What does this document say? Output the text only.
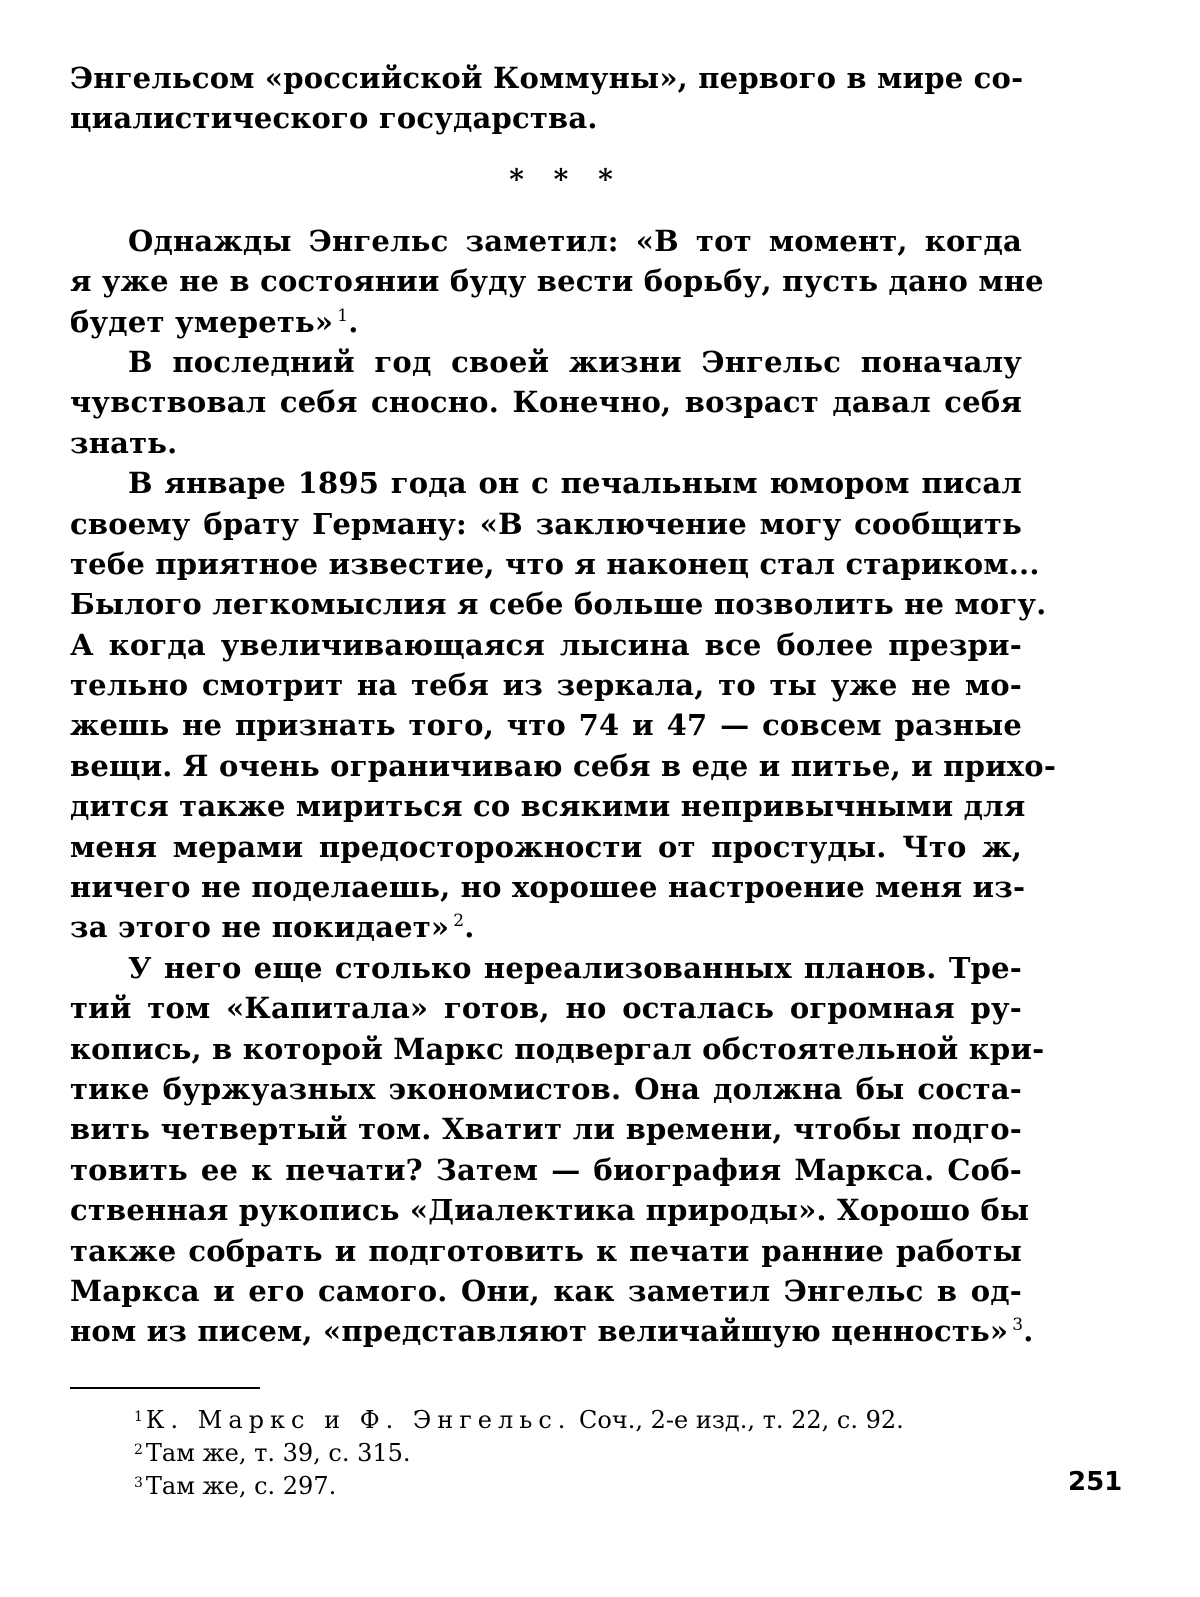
Энгельсом «российской Коммуны», первого в мире со-
циалистического государства.
* * *
Однажды Энгельс заметил: «В тот момент, когда
я уже не в состоянии буду вести борьбу, пусть дано мне
будет умереть» $^1$.
В последний год своей жизни Энгельс поначалу
чувствовал себя сносно. Конечно, возраст давал себя
знать.
В январе 1895 года он с печальным юмором писал
своему брату Герману: «В заключение могу сообщить
тебе приятное известие, что я наконец стал стариком...
Былого легкомыслия я себе больше позволить не могу.
А когда увеличивающаяся лысина все более презри-
тельно смотрит на тебя из зеркала, то ты уже не мо-
жешь не признать того, что 74 и 47 — совсем разные
вещи. Я очень ограничиваю себя в еде и питье, и прихо-
дится также мириться со всякими непривычными для
меня мерами предосторожности от простуды. Что ж,
ничего не поделаешь, но хорошее настроение меня из-
за этого не покидает» $^2$.
У него еще столько нереализованных планов. Тре-
тий том «Капитала» готов, но осталась огромная ру-
копись, в которой Маркс подвергал обстоятельной кри-
тике буржуазных экономистов. Она должна бы соста-
вить четвертый том. Хватит ли времени, чтобы подго-
товить ее к печати? Затем — биография Маркса. Соб-
ственная рукопись «Диалектика природы». Хорошо бы
также собрать и подготовить к печати ранние работы
Маркса и его самого. Они, как заметил Энгельс в од-
ном из писем, «представляют величайшую ценность» $^3$.
$^1$ К. Маркс и Ф. Энгельс. Соч., 2-е изд., т. 22, с. 92.
$^2$ Там же, т. 39, с. 315.
$^3$ Там же, с. 297.	251
